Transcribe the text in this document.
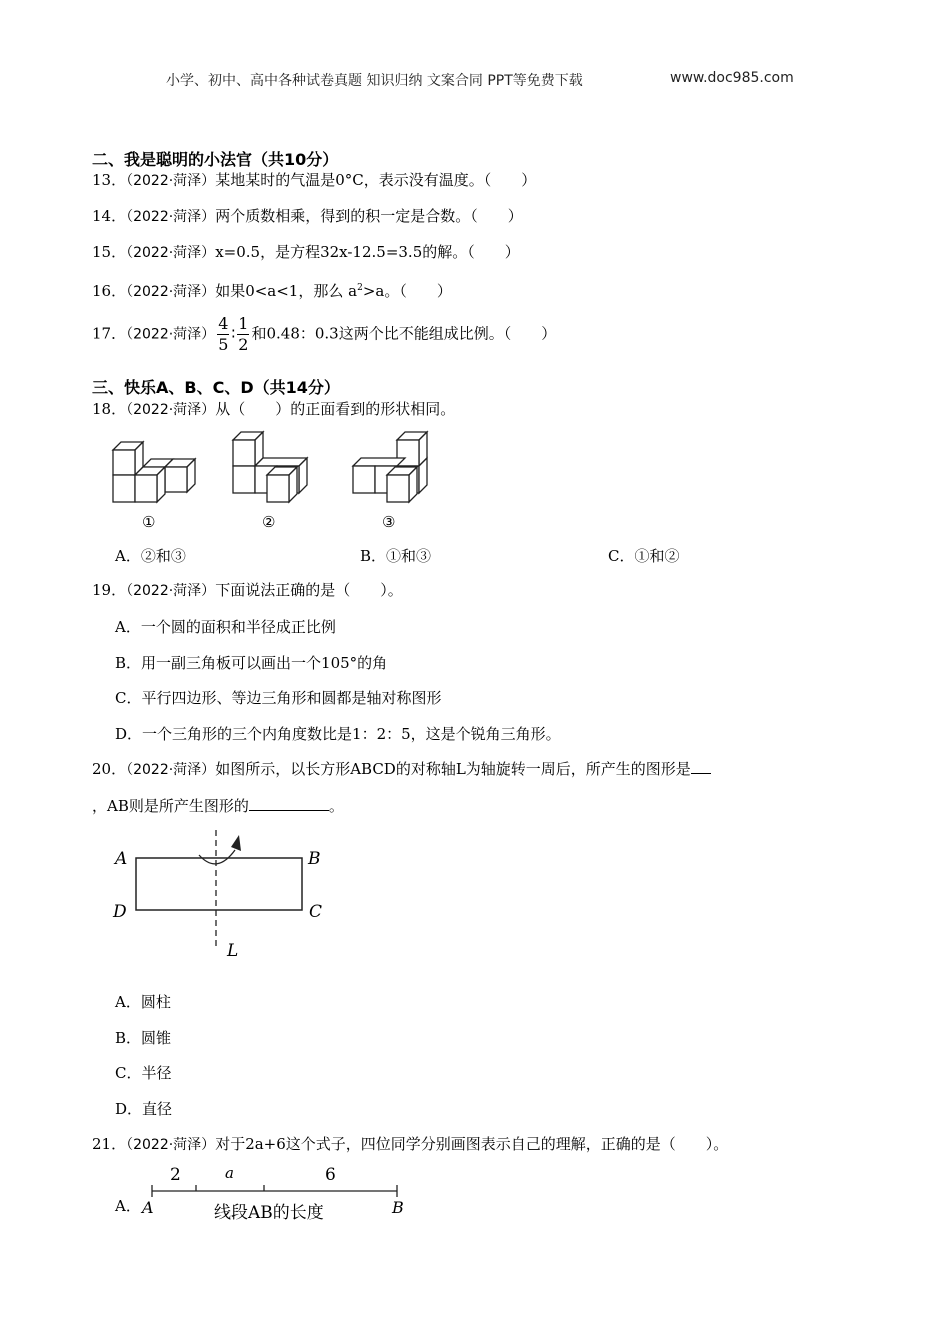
小学、初中、高中各种试卷真题 知识归纳 文案合同 PPT等免费下载	www.doc985.com
二、我是聪明的小法官（共10分）
13．（2022·菏泽）某地某时的气温是0°C，表示没有温度。（　　）
14．（2022·菏泽）两个质数相乘，得到的积一定是合数。（　　）
15．（2022·菏泽）x=0.5，是方程32x-12.5=3.5的解。（　　）
16．（2022·菏泽）如果0<a<1，那么 $a^2>a$。（　　）
17．（2022·菏泽） $\frac{4}{5}$ ∶ $\frac{1}{2}$ 和0.48：0.3这两个比不能组成比例。（　　）
三、快乐A、B、C、D（共14分）
18．（2022·菏泽）从（　　）的正面看到的形状相同。
①	②	③
A．②和③	B．①和③	C．①和②
19．（2022·菏泽）下面说法正确的是（　　）。
A．一个圆的面积和半径成正比例
B．用一副三角板可以画出一个105°的角
C．平行四边形、等边三角形和圆都是轴对称图形
D．一个三角形的三个内角度数比是1：2：5，这是个锐角三角形。
20．（2022·菏泽）如图所示，以长方形ABCD的对称轴L为轴旋转一周后，所产生的图形是
，AB则是所产生图形的	。
A	B
C
D
L
A．圆柱
B．圆锥
C．半径
D．直径
21．（2022·菏泽）对于2a+6这个式子，四位同学分别画图表示自己的理解，正确的是（　　）。
A．
2	a	6
A	B
线段AB的长度
